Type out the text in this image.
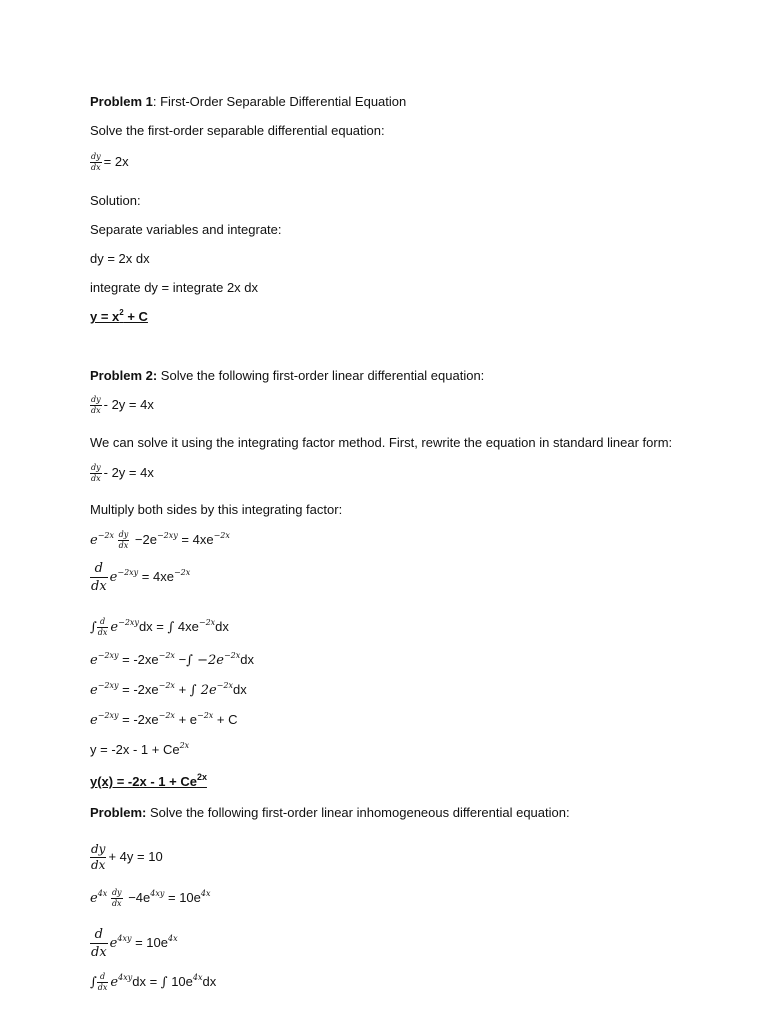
Problem 1: First-Order Separable Differential Equation
Solve the first-order separable differential equation:
$\frac{dy}{dx} = 2x$
Solution:
Separate variables and integrate:
dy = 2x dx
integrate dy = integrate 2x dx
$y = x^2 + C$
Problem 2: Solve the following first-order linear differential equation:
$\frac{dy}{dx} - 2y = 4x$
We can solve it using the integrating factor method. First, rewrite the equation in standard linear form:
$\frac{dy}{dx} - 2y = 4x$
Multiply both sides by this integrating factor:
$e^{-2x} \frac{dy}{dx} -2e^{-2xy} = 4xe^{-2x}$
$\frac{d}{dx} e^{-2xy} = 4xe^{-2x}$
∫ $\frac{d}{dx} e^{-2xy}dx$ = ∫ $4xe^{-2x}dx$
$e^{-2xy} = -2xe^{-2x}$ −∫ $-2e^{-2x}dx$
$e^{-2xy} = -2xe^{-2x}$ + ∫ $2e^{-2x}dx$
$e^{-2xy} = -2xe^{-2x} + e^{-2x} + C$
$y = -2x - 1 + Ce^{2x}$
$y(x) = -2x - 1 + Ce^{2x}$
Problem: Solve the following first-order linear inhomogeneous differential equation:
$\frac{dy}{dx} + 4y = 10$
$e^{4x} \frac{dy}{dx} -4e^{4xy} = 10e^{4x}$
$\frac{d}{dx} e^{4xy} = 10e^{4x}$
∫ $\frac{d}{dx} e^{4xy}dx$ = ∫ $10e^{4x}dx$
